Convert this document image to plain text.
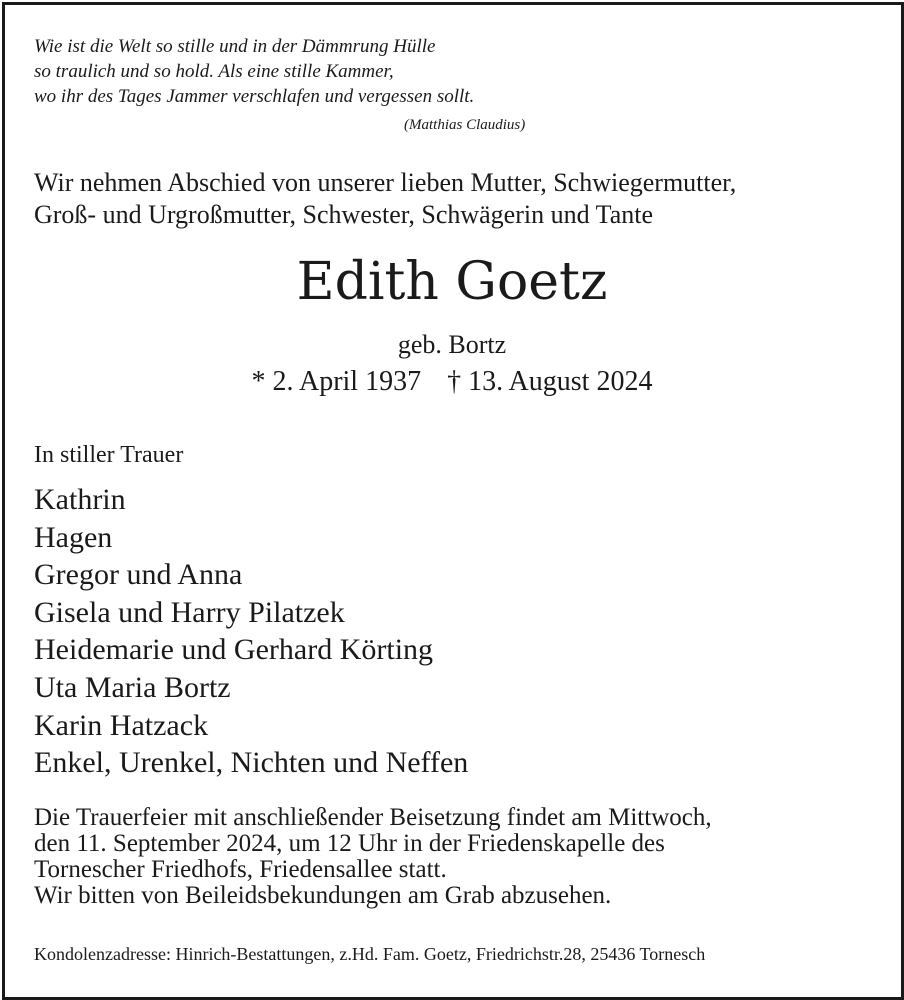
Wie ist die Welt so stille und in der Dämmrung Hülle
so traulich und so hold. Als eine stille Kammer,
wo ihr des Tages Jammer verschlafen und vergessen sollt.
(Matthias Claudius)
Wir nehmen Abschied von unserer lieben Mutter, Schwiegermutter,
Groß- und Urgroßmutter, Schwester, Schwägerin und Tante
Edith Goetz
geb. Bortz
* 2. April 1937 † 13. August 2024
In stiller Trauer
Kathrin
Hagen
Gregor und Anna
Gisela und Harry Pilatzek
Heidemarie und Gerhard Körting
Uta Maria Bortz
Karin Hatzack
Enkel, Urenkel, Nichten und Neffen
Die Trauerfeier mit anschließender Beisetzung findet am Mittwoch,
den 11. September 2024, um 12 Uhr in der Friedenskapelle des
Tornescher Friedhofs, Friedensallee statt.
Wir bitten von Beileidsbekundungen am Grab abzusehen.
Kondolenzadresse: Hinrich-Bestattungen, z.Hd. Fam. Goetz, Friedrichstr.28, 25436 Tornesch
